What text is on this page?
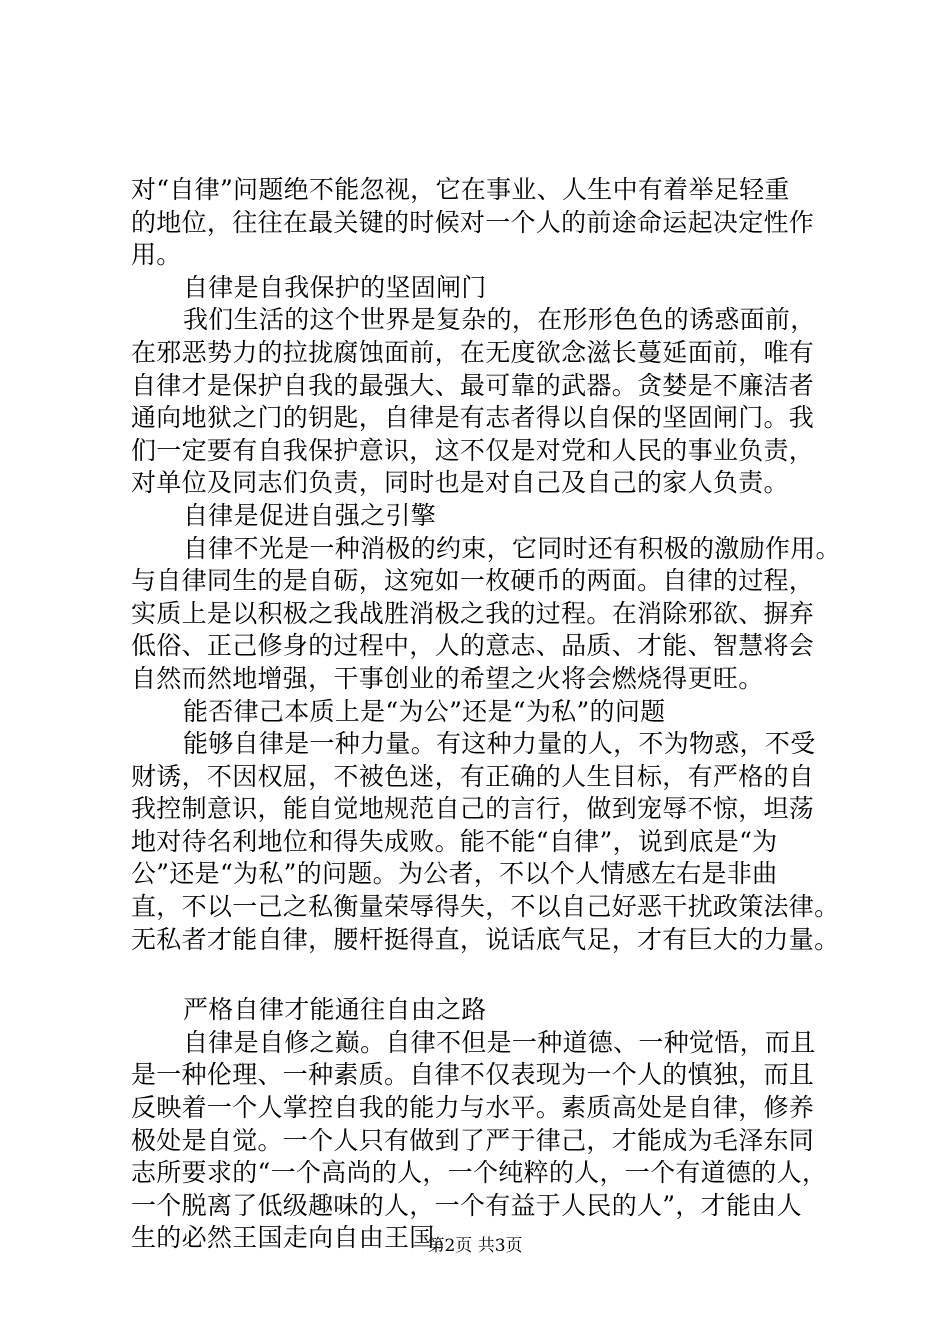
对“自律”问题绝不能忽视，它在事业、人生中有着举足轻重
的地位，往往在最关键的时候对一个人的前途命运起决定性作
用。
自律是自我保护的坚固闸门
我们生活的这个世界是复杂的，在形形色色的诱惑面前，
在邪恶势力的拉拢腐蚀面前，在无度欲念滋长蔓延面前，唯有
自律才是保护自我的最强大、最可靠的武器。贪婪是不廉洁者
通向地狱之门的钥匙，自律是有志者得以自保的坚固闸门。我
们一定要有自我保护意识，这不仅是对党和人民的事业负责，
对单位及同志们负责，同时也是对自己及自己的家人负责。
自律是促进自强之引擎
自律不光是一种消极的约束，它同时还有积极的激励作用。
与自律同生的是自砺，这宛如一枚硬币的两面。自律的过程，
实质上是以积极之我战胜消极之我的过程。在消除邪欲、摒弃
低俗、正己修身的过程中，人的意志、品质、才能、智慧将会
自然而然地增强，干事创业的希望之火将会燃烧得更旺。
能否律己本质上是“为公”还是“为私”的问题
能够自律是一种力量。有这种力量的人，不为物惑，不受
财诱，不因权屈，不被色迷，有正确的人生目标，有严格的自
我控制意识，能自觉地规范自己的言行，做到宠辱不惊，坦荡
地对待名利地位和得失成败。能不能“自律”，说到底是“为
公”还是“为私”的问题。为公者，不以个人情感左右是非曲
直，不以一己之私衡量荣辱得失，不以自己好恶干扰政策法律。
无私者才能自律，腰杆挺得直，说话底气足，才有巨大的力量。
严格自律才能通往自由之路
自律是自修之巅。自律不但是一种道德、一种觉悟，而且
是一种伦理、一种素质。自律不仅表现为一个人的慎独，而且
反映着一个人掌控自我的能力与水平。素质高处是自律，修养
极处是自觉。一个人只有做到了严于律己，才能成为毛泽东同
志所要求的“一个高尚的人，一个纯粹的人，一个有道德的人，
一个脱离了低级趣味的人，一个有益于人民的人”，才能由人
生的必然王国走向自由王国。
第2页 共3页
